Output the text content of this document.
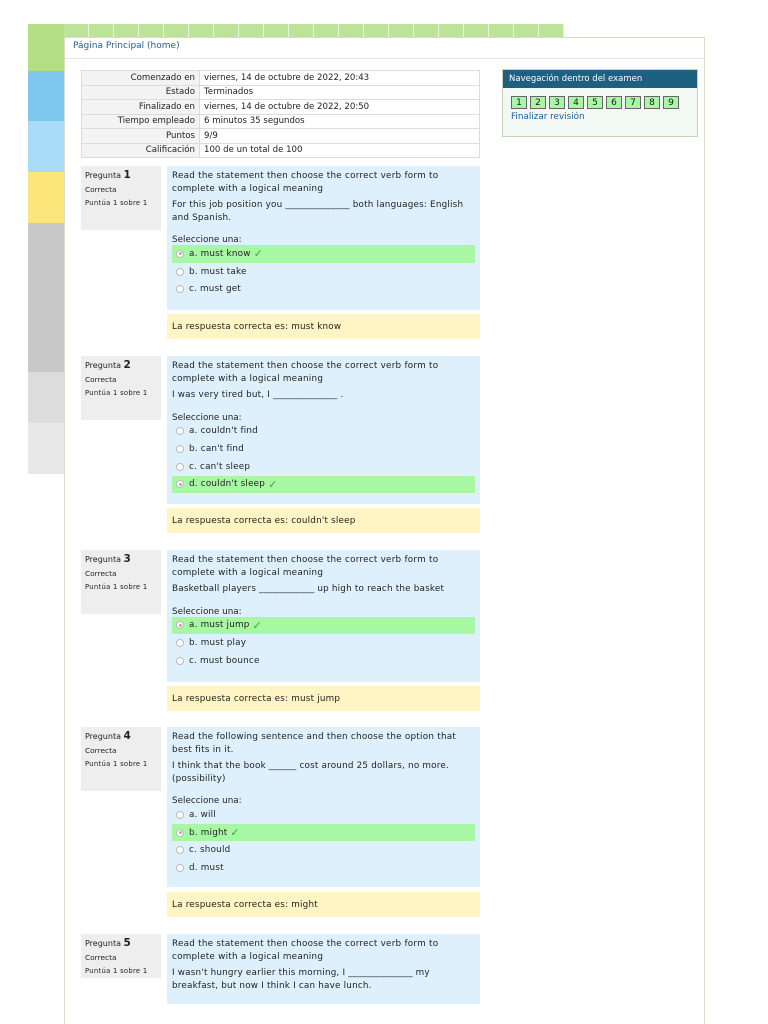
Página Principal (home)
Comenzado en	viernes, 14 de octubre de 2022, 20:43
Estado	Terminados
Finalizado en	viernes, 14 de octubre de 2022, 20:50
Tiempo empleado	6 minutos 35 segundos
Puntos	9/9
Calificación	100 de un total de 100
Pregunta 1
Correcta
Puntúa 1 sobre 1
Read the statement then choose the correct verb form to complete with a logical meaning
For this job position you ______________ both languages: English and Spanish.
Seleccione una:
a. must know ✓
b. must take
c. must get
La respuesta correcta es: must know
Pregunta 2
Correcta
Puntúa 1 sobre 1
Read the statement then choose the correct verb form to complete with a logical meaning
I was very tired but, I ______________ .
Seleccione una:
a. couldn't find
b. can't find
c. can't sleep
d. couldn't sleep ✓
La respuesta correcta es: couldn't sleep
Pregunta 3
Correcta
Puntúa 1 sobre 1
Read the statement then choose the correct verb form to complete with a logical meaning
Basketball players ____________ up high to reach the basket
Seleccione una:
a. must jump ✓
b. must play
c. must bounce
La respuesta correcta es: must jump
Pregunta 4
Correcta
Puntúa 1 sobre 1
Read the following sentence and then choose the option that best fits in it.
I think that the book ______ cost around 25 dollars, no more. (possibility)
Seleccione una:
a. will
b. might ✓
c. should
d. must
La respuesta correcta es: might
Pregunta 5
Correcta
Puntúa 1 sobre 1
Read the statement then choose the correct verb form to complete with a logical meaning
I wasn't hungry earlier this morning, I ______________ my breakfast, but now I think I can have lunch.
Navegación dentro del examen
1	2	3	4	5	6	7	8	9
Finalizar revisión
